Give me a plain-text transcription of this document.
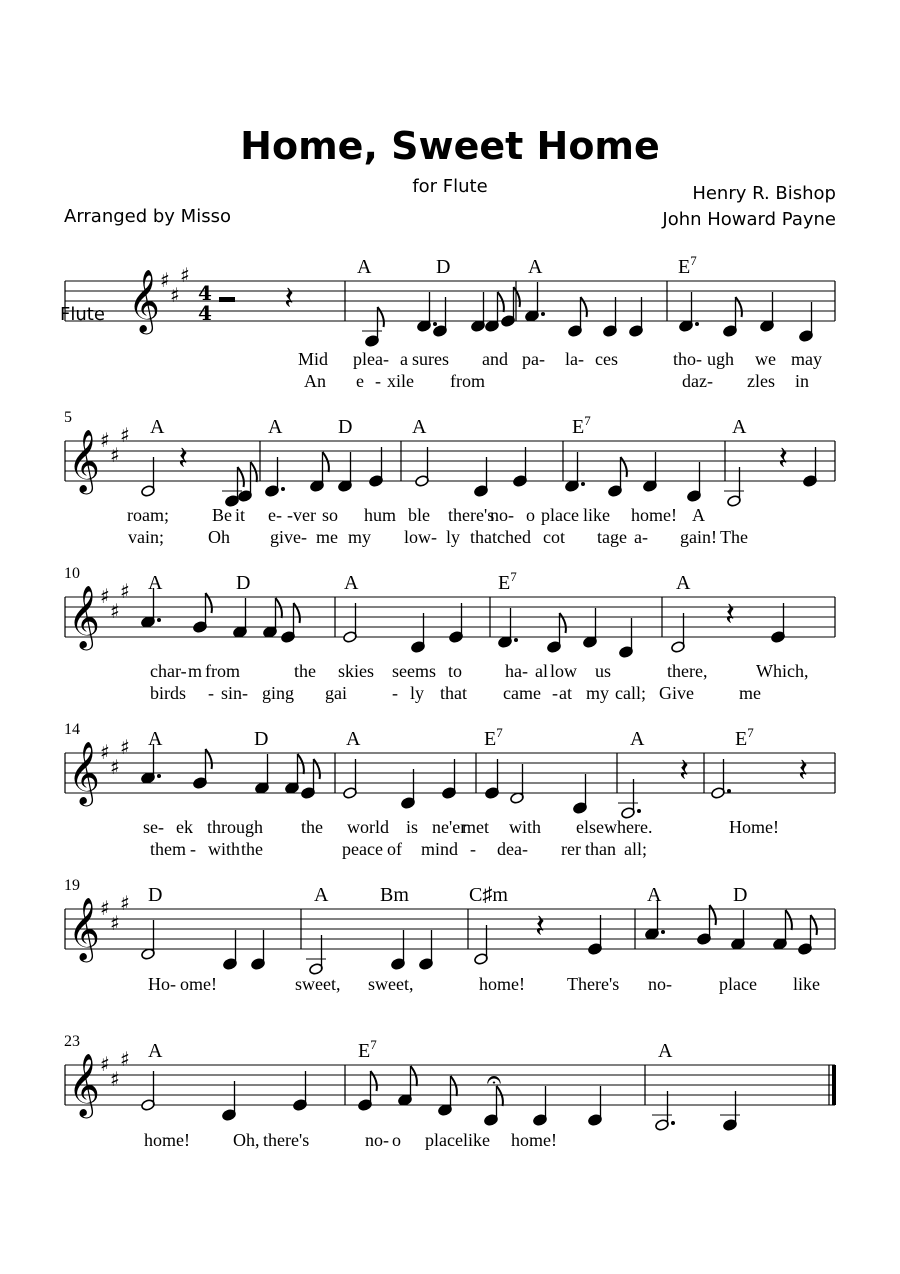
Home, Sweet Home
for Flute
Arranged by Misso
Henry R. Bishop
John Howard Payne
𝄞 ♯
♯
♯
4
4
Flute
A	D	A	$E^7$
𝄽
Mid plea- a sures and pa- la- ces	tho- ugh we may
An e - xile from	daz- zles in
𝄞 ♯
♯
♯
5	A	A	D	A	$E^7$	A
𝄽	𝄽
roam; Be it e- -ver so hum ble there's
no- o place like home! A
vain; Oh give- me my low- ly thatched cot tage a- gain! The
𝄞 ♯
♯
♯
10	A	D	A	$E^7$	A
𝄽
char- m from	the skies seems to ha- al low us	there,	Which,
birds - sin- ging gai	- ly that came - at my call; Give	me
𝄞 ♯
♯
♯
14	A	D	A	$E^7$	A	$E^7$
𝄽	𝄽
se- ek through the world is ne'er
met with elsewhere.	Home!
them - with the	peace of mind - dea- rer than all;
𝄞 ♯
♯
♯
19	D	A	Bm	C♯m	A	D
𝄽
Ho- ome!	sweet, sweet,	home! There's no-	place like
𝄞 ♯
♯
♯
23	A	$E^7$	A
home! Oh, there's	no- o place like home!
𝄐
